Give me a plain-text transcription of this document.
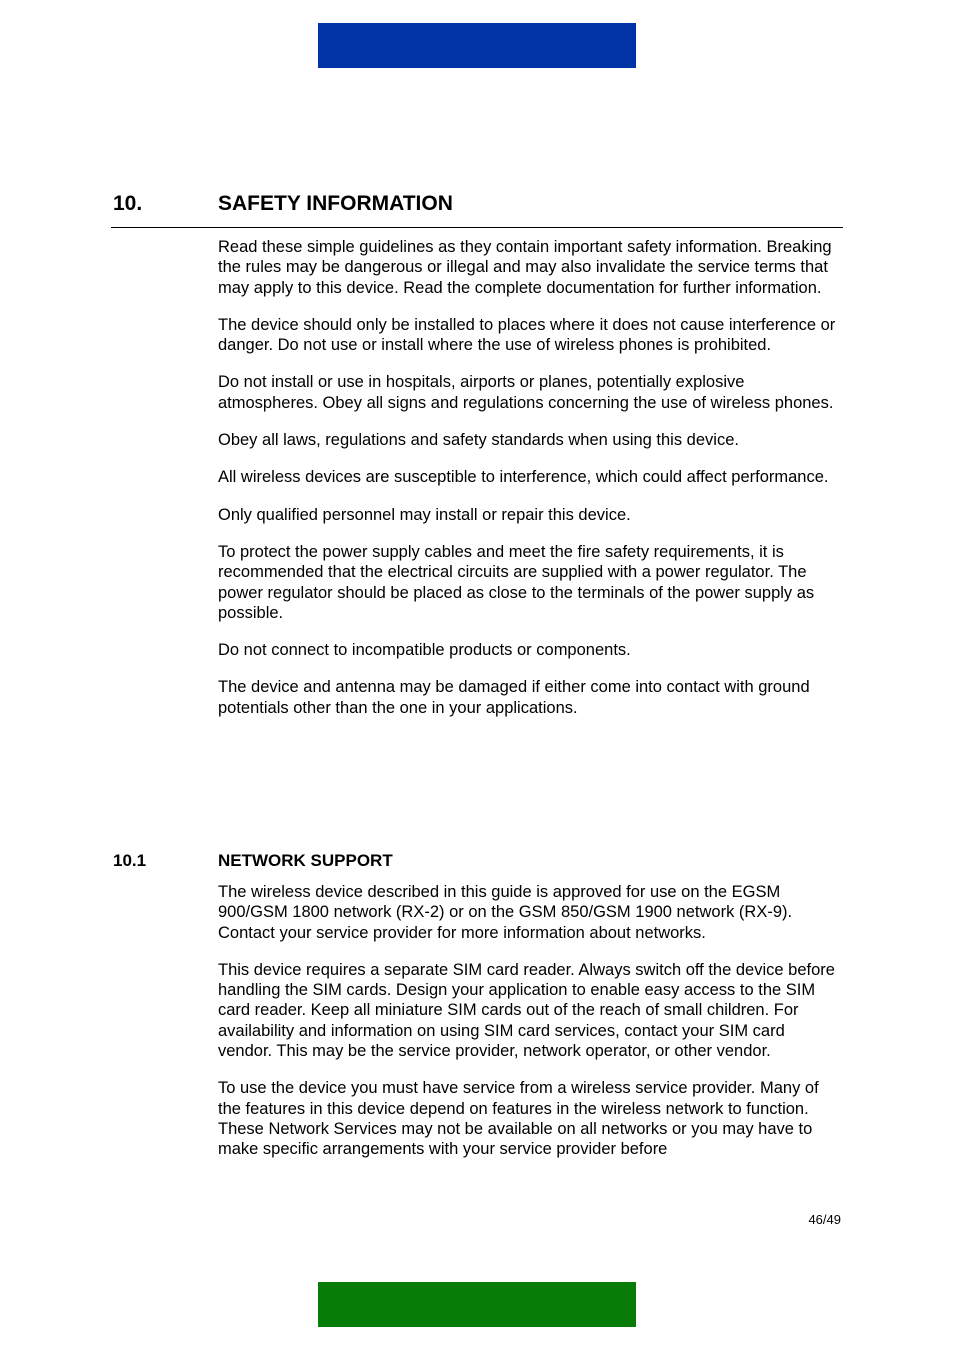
10.	SAFETY INFORMATION

Read these simple guidelines as they contain important safety information. Breaking the rules may be dangerous or illegal and may also invalidate the service terms that may apply to this device. Read the complete documentation for further information.

The device should only be installed to places where it does not cause interference or danger. Do not use or install where the use of wireless phones is prohibited.

Do not install or use in hospitals, airports or planes, potentially explosive atmospheres. Obey all signs and regulations concerning the use of wireless phones.

Obey all laws, regulations and safety standards when using this device.

All wireless devices are susceptible to interference, which could affect performance.

Only qualified personnel may install or repair this device.

To protect the power supply cables and meet the fire safety requirements, it is recommended that the electrical circuits are supplied with a power regulator. The power regulator should be placed as close to the terminals of the power supply as possible.

Do not connect to incompatible products or components.

The device and antenna may be damaged if either come into contact with ground potentials other than the one in your applications.

10.1	NETWORK SUPPORT

The wireless device described in this guide is approved for use on the EGSM 900/GSM 1800 network (RX-2) or on the GSM 850/GSM 1900 network (RX-9). Contact your service provider for more information about networks.

This device requires a separate SIM card reader. Always switch off the device before handling the SIM cards. Design your application to enable easy access to the SIM card reader. Keep all miniature SIM cards out of the reach of small children. For availability and information on using SIM card services, contact your SIM card vendor. This may be the service provider, network operator, or other vendor.

To use the device you must have service from a wireless service provider. Many of the features in this device depend on features in the wireless network to function. These Network Services may not be available on all networks or you may have to make specific arrangements with your service provider before

46/49
